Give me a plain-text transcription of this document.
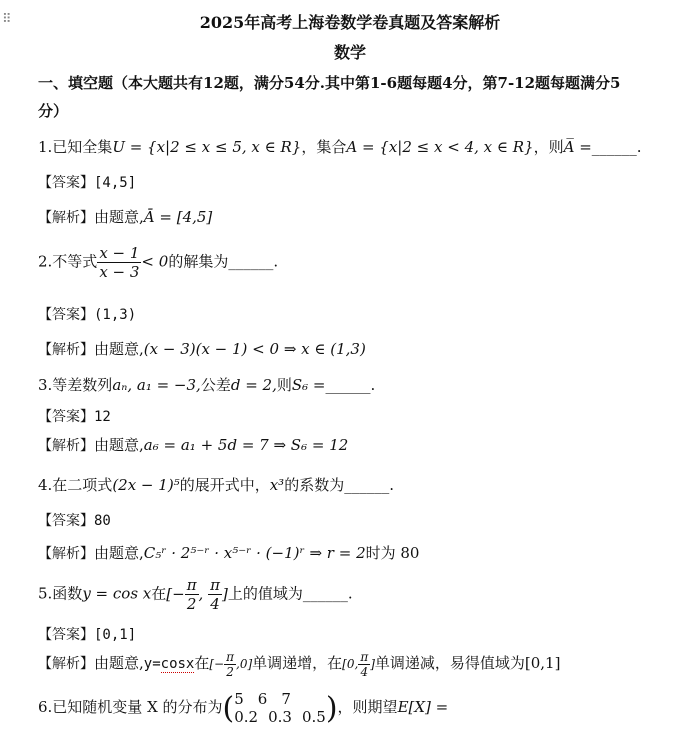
⠿	2025年高考上海卷数学卷真题及答案解析
数学
一、填空题（本大题共有12题，满分54分.其中第1-6题每题4分，第7-12题每题满分5
分）
1.已知全集U = {x|2 ≤ x ≤ 5, x ∈ R}，集合A = {x|2 ≤ x < 4, x ∈ R}，则A̅ =______.
【答案】[4,5]
【解析】由题意,Ā = [4,5]
2.不等式 $\frac{x - 1}{x - 3} < 0$的解集为______.
【答案】(1,3)
【解析】由题意,(x − 3)(x − 1) < 0 ⇒ x ∈ (1,3)
3.等差数列aₙ, a₁ = −3,公差d = 2,则S₆ =______.
【答案】12
【解析】由题意,a₆ = a₁ + 5d = 7 ⇒ S₆ = 12
4.在二项式(2x − 1)⁵的展开式中，x³的系数为______.
【答案】80
【解析】由题意,C₅ʳ · 2⁵⁻ʳ · x⁵⁻ʳ · (−1)ʳ ⇒ r = 2时为 80
5.函数y = cos x在[− $\frac{\pi}{2}$ , $\frac{\pi}{4}$ ]上的值域为______.
【答案】[0,1]
【解析】由题意,y=cosx在[− $\frac{\pi}{2} ,0$]单调递增，在[0, $\frac{\pi}{4}$ ]单调递减，易得值域为[0,1]
6.已知随机变量 X 的分布为( 5 6 7
0.2 0.3 0.5 )，则期望E[X] =
